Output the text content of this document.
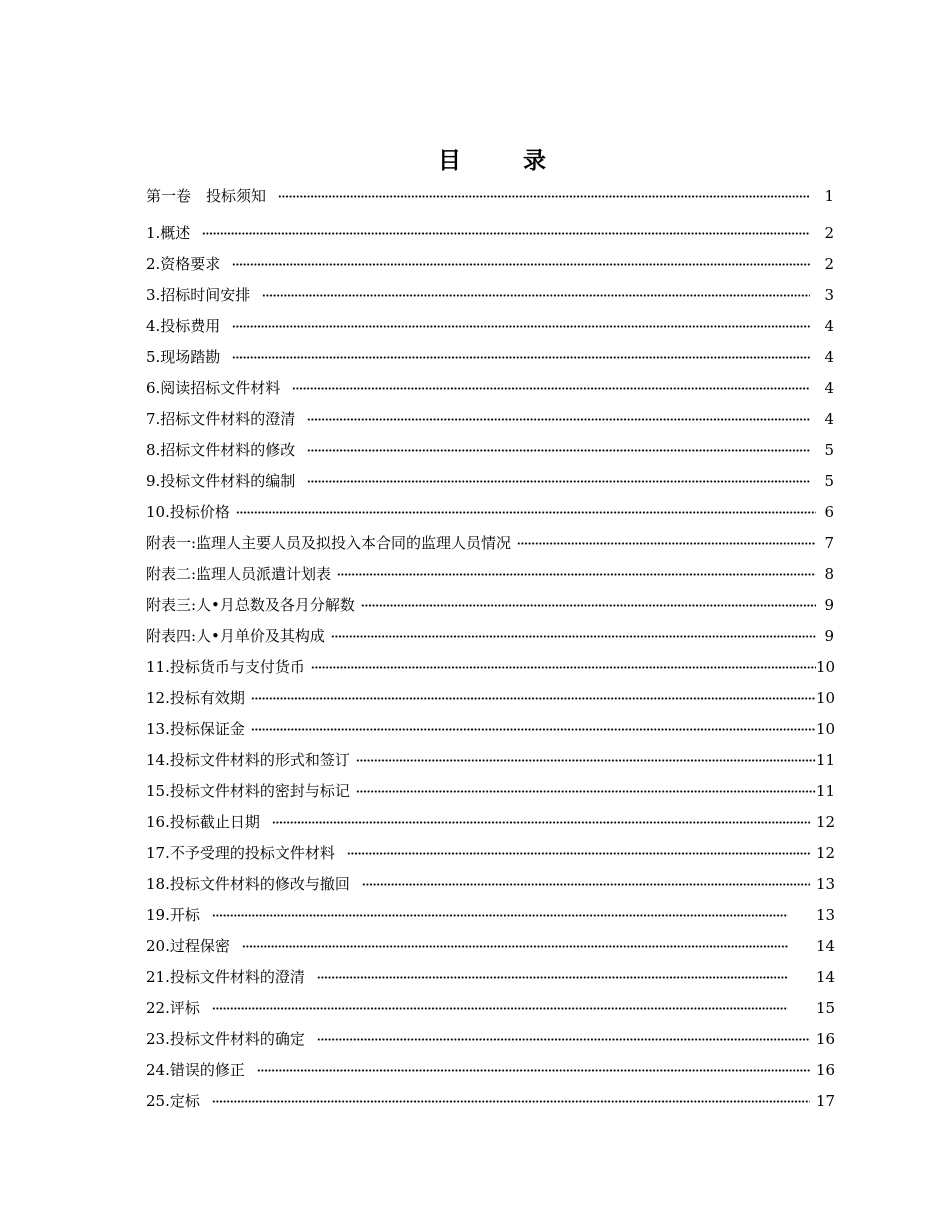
目	录
第一卷　投标须知	1
1.概述	2
2.资格要求	2
3.招标时间安排	3
4.投标费用	4
5.现场踏勘	4
6.阅读招标文件材料	4
7.招标文件材料的澄清	4
8.招标文件材料的修改	5
9.投标文件材料的编制	5
10.投标价格	6
附表一:监理人主要人员及拟投入本合同的监理人员情况	7
附表二:监理人员派遣计划表	8
附表三:人•月总数及各月分解数	9
附表四:人•月单价及其构成	9
11.投标货币与支付货币	10
12.投标有效期	10
13.投标保证金	10
14.投标文件材料的形式和签订	11
15.投标文件材料的密封与标记	11
16.投标截止日期	12
17.不予受理的投标文件材料	12
18.投标文件材料的修改与撤回	13
19.开标	13
20.过程保密	14
21.投标文件材料的澄清	14
22.评标	15
23.投标文件材料的确定	16
24.错误的修正	16
25.定标	17
